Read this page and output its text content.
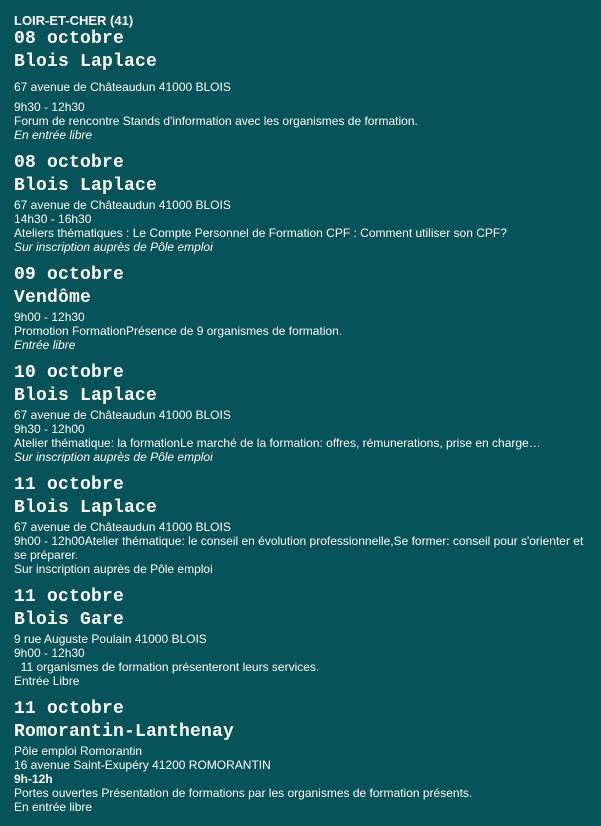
LOIR-ET-CHER (41)
08 octobre
Blois Laplace
67 avenue de Châteaudun 41000 BLOIS
9h30 - 12h30
Forum de rencontre Stands d'information avec les organismes de formation.
En entrée libre
08 octobre
Blois Laplace
67 avenue de Châteaudun 41000 BLOIS
14h30 - 16h30
Ateliers thématiques : Le Compte Personnel de Formation CPF : Comment utiliser son CPF?
Sur inscription auprès de Pôle emploi
09 octobre
Vendôme
9h00 - 12h30
Promotion FormationPrésence de 9 organismes de formation.
Entrée libre
10 octobre
Blois Laplace
67 avenue de Châteaudun 41000 BLOIS
9h30 - 12h00
Atelier thématique: la formationLe marché de la formation: offres, rémunerations, prise en charge…
Sur inscription auprès de Pôle emploi
11 octobre
Blois Laplace
67 avenue de Châteaudun 41000 BLOIS
9h00 - 12h00Atelier thématique: le conseil en évolution professionnelle,Se former: conseil pour s'orienter et
se préparer.
Sur inscription auprès de Pôle emploi
11 octobre
Blois Gare
9 rue Auguste Poulain 41000 BLOIS
9h00 - 12h30
11 organismes de formation présenteront leurs services.
Entrée Libre
11 octobre
Romorantin-Lanthenay
Pôle emploi Romorantin
16 avenue Saint-Exupéry 41200 ROMORANTIN
9h-12h
Portes ouvertes Présentation de formations par les organismes de formation présents.
En entrée libre
